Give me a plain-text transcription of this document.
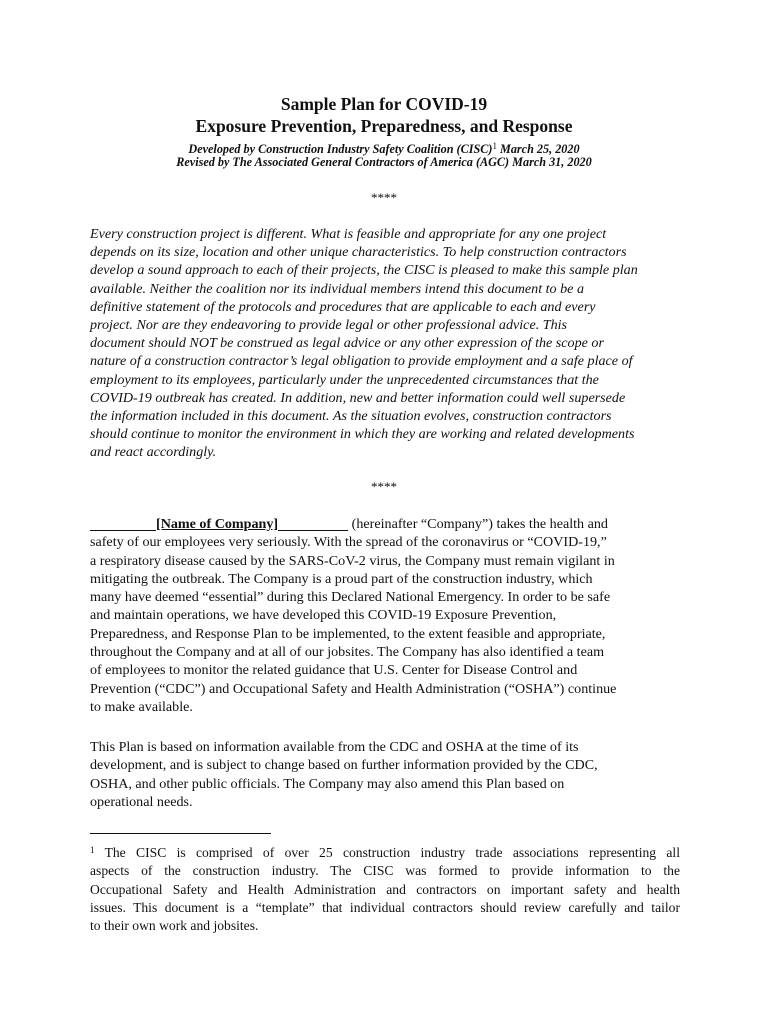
Sample Plan for COVID-19
Exposure Prevention, Preparedness, and Response
Developed by Construction Industry Safety Coalition (CISC)$^1$ March 25, 2020
Revised by The Associated General Contractors of America (AGC) March 31, 2020
****
Every construction project is different. What is feasible and appropriate for any one project
depends on its size, location and other unique characteristics. To help construction contractors
develop a sound approach to each of their projects, the CISC is pleased to make this sample plan
available. Neither the coalition nor its individual members intend this document to be a
definitive statement of the protocols and procedures that are applicable to each and every
project. Nor are they endeavoring to provide legal or other professional advice. This
document should NOT be construed as legal advice or any other expression of the scope or
nature of a construction contractor’s legal obligation to provide employment and a safe place of
employment to its employees, particularly under the unprecedented circumstances that the
COVID-19 outbreak has created. In addition, new and better information could well supersede
the information included in this document. As the situation evolves, construction contractors
should continue to monitor the environment in which they are working and related developments
and react accordingly.
****
[Name of Company]	(hereinafter “Company”) takes the health and
safety of our employees very seriously. With the spread of the coronavirus or “COVID-19,”
a respiratory disease caused by the SARS-CoV-2 virus, the Company must remain vigilant in
mitigating the outbreak. The Company is a proud part of the construction industry, which
many have deemed “essential” during this Declared National Emergency. In order to be safe
and maintain operations, we have developed this COVID-19 Exposure Prevention,
Preparedness, and Response Plan to be implemented, to the extent feasible and appropriate,
throughout the Company and at all of our jobsites. The Company has also identified a team
of employees to monitor the related guidance that U.S. Center for Disease Control and
Prevention (“CDC”) and Occupational Safety and Health Administration (“OSHA”) continue
to make available.
This Plan is based on information available from the CDC and OSHA at the time of its
development, and is subject to change based on further information provided by the CDC,
OSHA, and other public officials. The Company may also amend this Plan based on
operational needs.
$^1$ The CISC is comprised of over 25 construction industry trade associations representing all
aspects of the construction industry. The CISC was formed to provide information to the
Occupational Safety and Health Administration and contractors on important safety and health
issues. This document is a “template” that individual contractors should review carefully and tailor
to their own work and jobsites.
